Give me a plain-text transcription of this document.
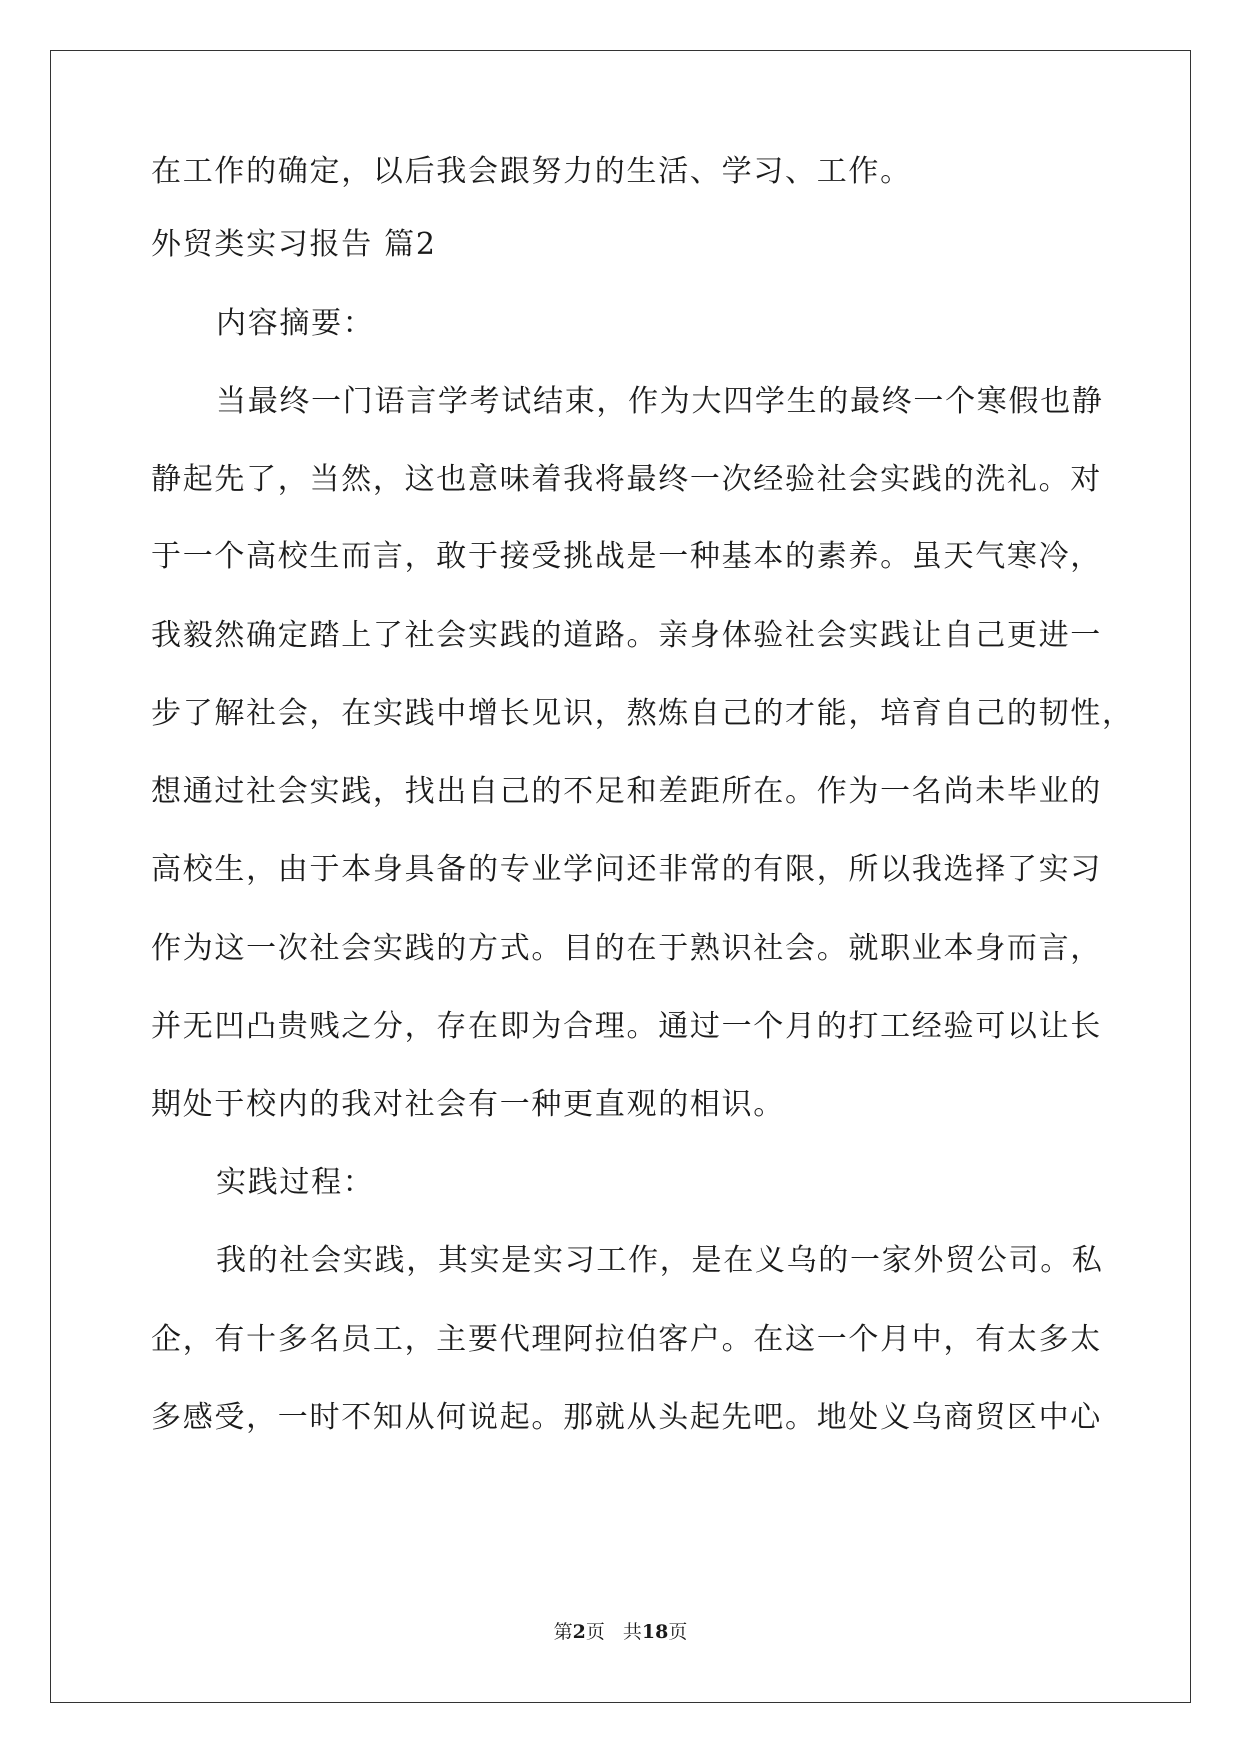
在工作的确定，以后我会跟努力的生活、学习、工作。
外贸类实习报告 篇2
内容摘要：
当最终一门语言学考试结束，作为大四学生的最终一个寒假也静
静起先了，当然，这也意味着我将最终一次经验社会实践的洗礼。对
于一个高校生而言，敢于接受挑战是一种基本的素养。虽天气寒冷，
我毅然确定踏上了社会实践的道路。亲身体验社会实践让自己更进一
步了解社会，在实践中增长见识，熬炼自己的才能，培育自己的韧性，
想通过社会实践，找出自己的不足和差距所在。作为一名尚未毕业的
高校生，由于本身具备的专业学问还非常的有限，所以我选择了实习
作为这一次社会实践的方式。目的在于熟识社会。就职业本身而言，
并无凹凸贵贱之分，存在即为合理。通过一个月的打工经验可以让长
期处于校内的我对社会有一种更直观的相识。
实践过程：
我的社会实践，其实是实习工作，是在义乌的一家外贸公司。私
企，有十多名员工，主要代理阿拉伯客户。在这一个月中，有太多太
多感受，一时不知从何说起。那就从头起先吧。地处义乌商贸区中心
第2页 共18页
